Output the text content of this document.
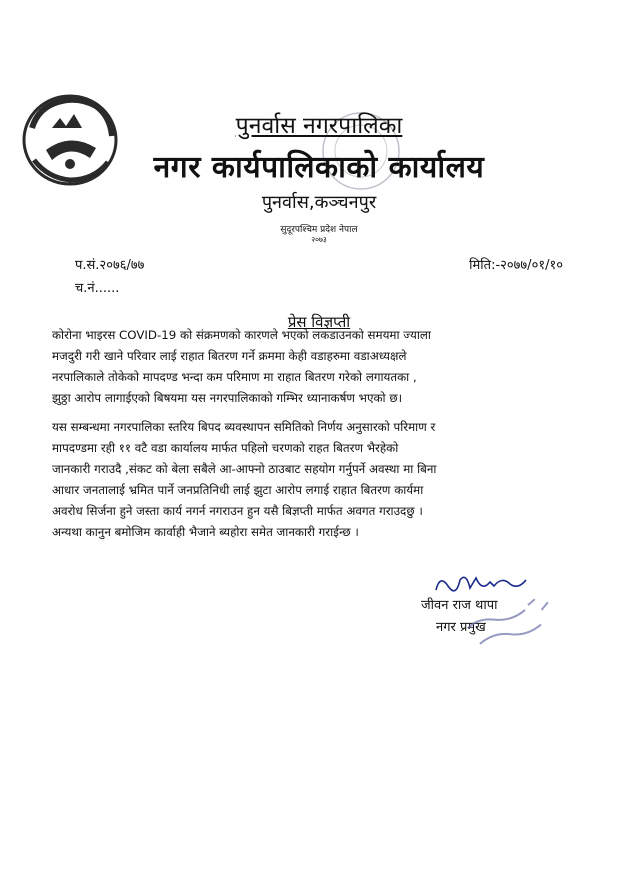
पुनर्वास नगरपालिका
नगर कार्यपालिकाको कार्यालय
पुनर्वास,कञ्चनपुर
सुदूरपश्चिम प्रदेश नेपाल
२०७३
प.सं.२०७६/७७	मिति:-२०७७/०१/१०
च.नं......
प्रेस विज्ञप्ती
कोरोना भाइरस COVID-19 को संक्रमणको कारणले भएको लकडाउनको समयमा ज्याला
मजदुरी गरी खाने परिवार लाई राहात बितरण गर्ने क्रममा केही वडाहरुमा वडाअध्यक्षले
नरपालिकाले तोकेको मापदण्ड भन्दा कम परिमाण मा राहात बितरण गरेको लगायतका ,
झुठ्ठा आरोप लागाईएको बिषयमा यस नगरपालिकाको गम्भिर ध्यानाकर्षण भएको छ।
यस सम्बन्धमा नगरपालिका स्तरिय बिपद ब्यवस्थापन समितिको निर्णय अनुसारको परिमाण र
मापदण्डमा रही ११ वटै वडा कार्यालय मार्फत पहिलो चरणको राहत बितरण भैरहेको
जानकारी गराउदै ,संकट को बेला सबैले आ-आफ्नो ठाउबाट सहयोग गर्नुपर्ने अवस्था मा बिना
आधार जनतालाई भ्रमित पार्ने जनप्रतिनिधी लाई झुटा आरोप लगाई राहात बितरण कार्यमा
अवरोध सिर्जना हुने जस्ता कार्य नगर्न नगराउन हुन यसै बिज्ञप्ती मार्फत अवगत गराउदछु ।
अन्यथा कानुन बमोजिम कार्वाही भैजाने ब्यहोरा समेत जानकारी गराईन्छ ।
जीवन राज थापा
नगर प्रमुख
